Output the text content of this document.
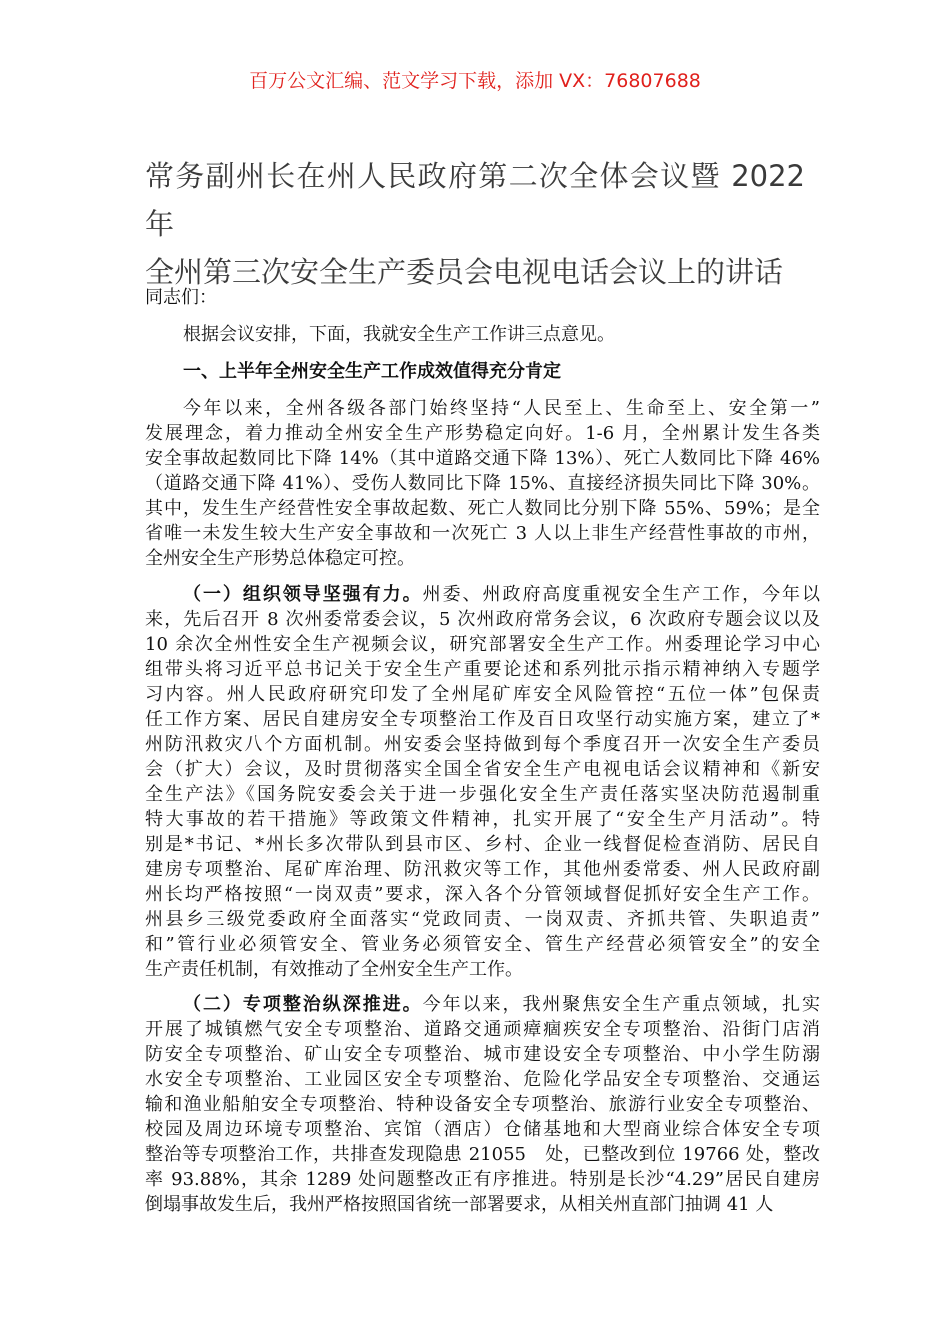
百万公文汇编、范文学习下载，添加 VX：76807688
常务副州长在州人民政府第二次全体会议暨 2022 年
全州第三次安全生产委员会电视电话会议上的讲话
同志们：
根据会议安排，下面，我就安全生产工作讲三点意见。
一、上半年全州安全生产工作成效值得充分肯定
今年以来，全州各级各部门始终坚持“人民至上、生命至上、安全第一”
发展理念，着力推动全州安全生产形势稳定向好。1-6 月，全州累计发生各类
安全事故起数同比下降 14%（其中道路交通下降 13%）、死亡人数同比下降 46%
（道路交通下降 41%）、受伤人数同比下降 15%、直接经济损失同比下降 30%。
其中，发生生产经营性安全事故起数、死亡人数同比分别下降 55%、59%；是全
省唯一未发生较大生产安全事故和一次死亡 3 人以上非生产经营性事故的市州，
全州安全生产形势总体稳定可控。
（一）组织领导坚强有力。州委、州政府高度重视安全生产工作，今年以
来，先后召开 8 次州委常委会议，5 次州政府常务会议，6 次政府专题会议以及
10 余次全州性安全生产视频会议，研究部署安全生产工作。州委理论学习中心
组带头将习近平总书记关于安全生产重要论述和系列批示指示精神纳入专题学
习内容。州人民政府研究印发了全州尾矿库安全风险管控“五位一体”包保责
任工作方案、居民自建房安全专项整治工作及百日攻坚行动实施方案，建立了*
州防汛救灾八个方面机制。州安委会坚持做到每个季度召开一次安全生产委员
会（扩大）会议，及时贯彻落实全国全省安全生产电视电话会议精神和《新安
全生产法》《国务院安委会关于进一步强化安全生产责任落实坚决防范遏制重
特大事故的若干措施》等政策文件精神，扎实开展了“安全生产月活动”。特
别是*书记、*州长多次带队到县市区、乡村、企业一线督促检查消防、居民自
建房专项整治、尾矿库治理、防汛救灾等工作，其他州委常委、州人民政府副
州长均严格按照“一岗双责”要求，深入各个分管领域督促抓好安全生产工作。
州县乡三级党委政府全面落实“党政同责、一岗双责、齐抓共管、失职追责”
和”管行业必须管安全、管业务必须管安全、管生产经营必须管安全”的安全
生产责任机制，有效推动了全州安全生产工作。
（二）专项整治纵深推进。今年以来，我州聚焦安全生产重点领域，扎实
开展了城镇燃气安全专项整治、道路交通顽瘴痼疾安全专项整治、沿街门店消
防安全专项整治、矿山安全专项整治、城市建设安全专项整治、中小学生防溺
水安全专项整治、工业园区安全专项整治、危险化学品安全专项整治、交通运
输和渔业船舶安全专项整治、特种设备安全专项整治、旅游行业安全专项整治、
校园及周边环境专项整治、宾馆（酒店）仓储基地和大型商业综合体安全专项
整治等专项整治工作，共排查发现隐患 21055　处，已整改到位 19766 处，整改
率 93.88%，其余 1289 处问题整改正有序推进。特别是长沙“4.29”居民自建房
倒塌事故发生后，我州严格按照国省统一部署要求，从相关州直部门抽调 41 人
